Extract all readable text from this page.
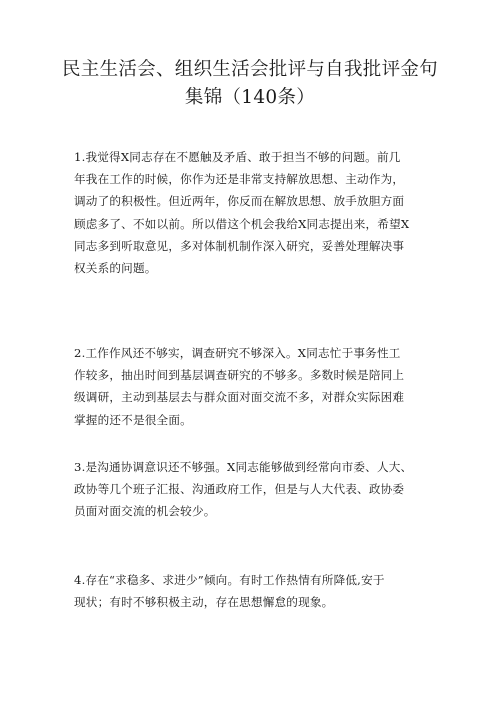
民主生活会、组织生活会批评与自我批评金句
集锦（140条）
1.我觉得X同志存在不愿触及矛盾、敢于担当不够的问题。前几
年我在工作的时候，你作为还是非常支持解放思想、主动作为，
调动了的积极性。但近两年，你反而在解放思想、放手放胆方面
顾虑多了、不如以前。所以借这个机会我给X同志提出来，希望X
同志多到听取意见，多对体制机制作深入研究，妥善处理解决事
权关系的问题。
2.工作作风还不够实，调查研究不够深入。X同志忙于事务性工
作较多，抽出时间到基层调查研究的不够多。多数时候是陪同上
级调研，主动到基层去与群众面对面交流不多，对群众实际困难
掌握的还不是很全面。
3.是沟通协调意识还不够强。X同志能够做到经常向市委、人大、
政协等几个班子汇报、沟通政府工作，但是与人大代表、政协委
员面对面交流的机会较少。
4.存在“求稳多、求进少”倾向。有时工作热情有所降低,安于
现状；有时不够积极主动，存在思想懈怠的现象。
